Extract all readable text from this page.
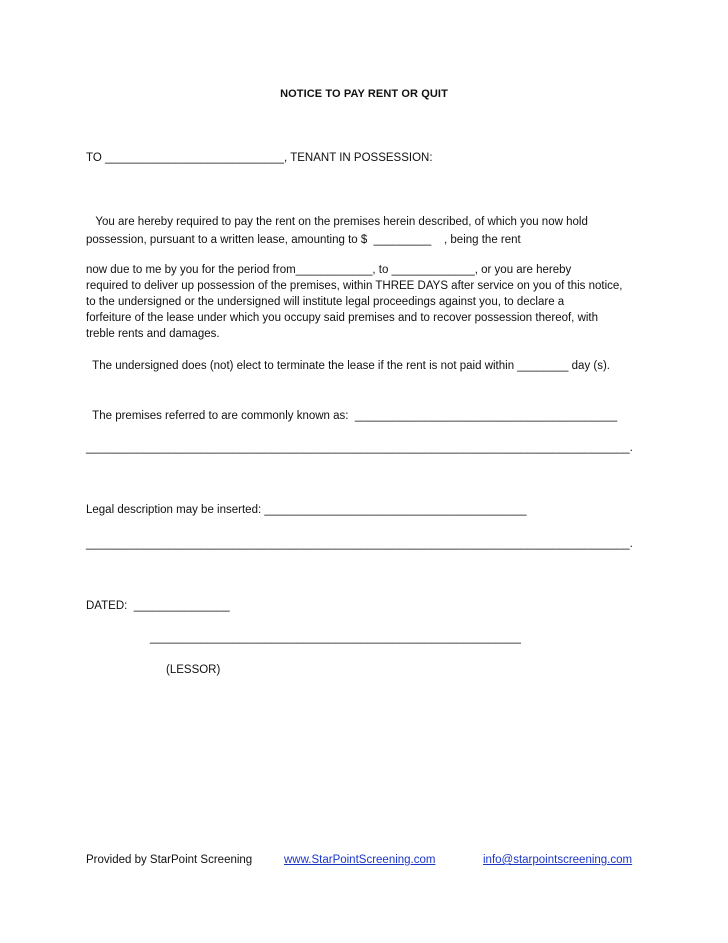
NOTICE TO PAY RENT OR QUIT
TO ____________________________, TENANT IN POSSESSION:
You are hereby required to pay the rent on the premises herein described, of which you now hold
possession, pursuant to a written lease, amounting to $  _________    , being the rent
now due to me by you for the period from____________, to _____________, or you are hereby
required to deliver up possession of the premises, within THREE DAYS after service on you of this notice,
to the undersigned or the undersigned will institute legal proceedings against you, to declare a
forfeiture of the lease under which you occupy said premises and to recover possession thereof, with
treble rents and damages.
The undersigned does (not) elect to terminate the lease if the rent is not paid within ________ day (s).
The premises referred to are commonly known as:  _________________________________________
_____________________________________________________________________________________.
Legal description may be inserted: _________________________________________
_____________________________________________________________________________________.
DATED:  _______________
__________________________________________________________
(LESSOR)
Provided by StarPoint Screening	www.StarPointScreening.com	info@starpointscreening.com
